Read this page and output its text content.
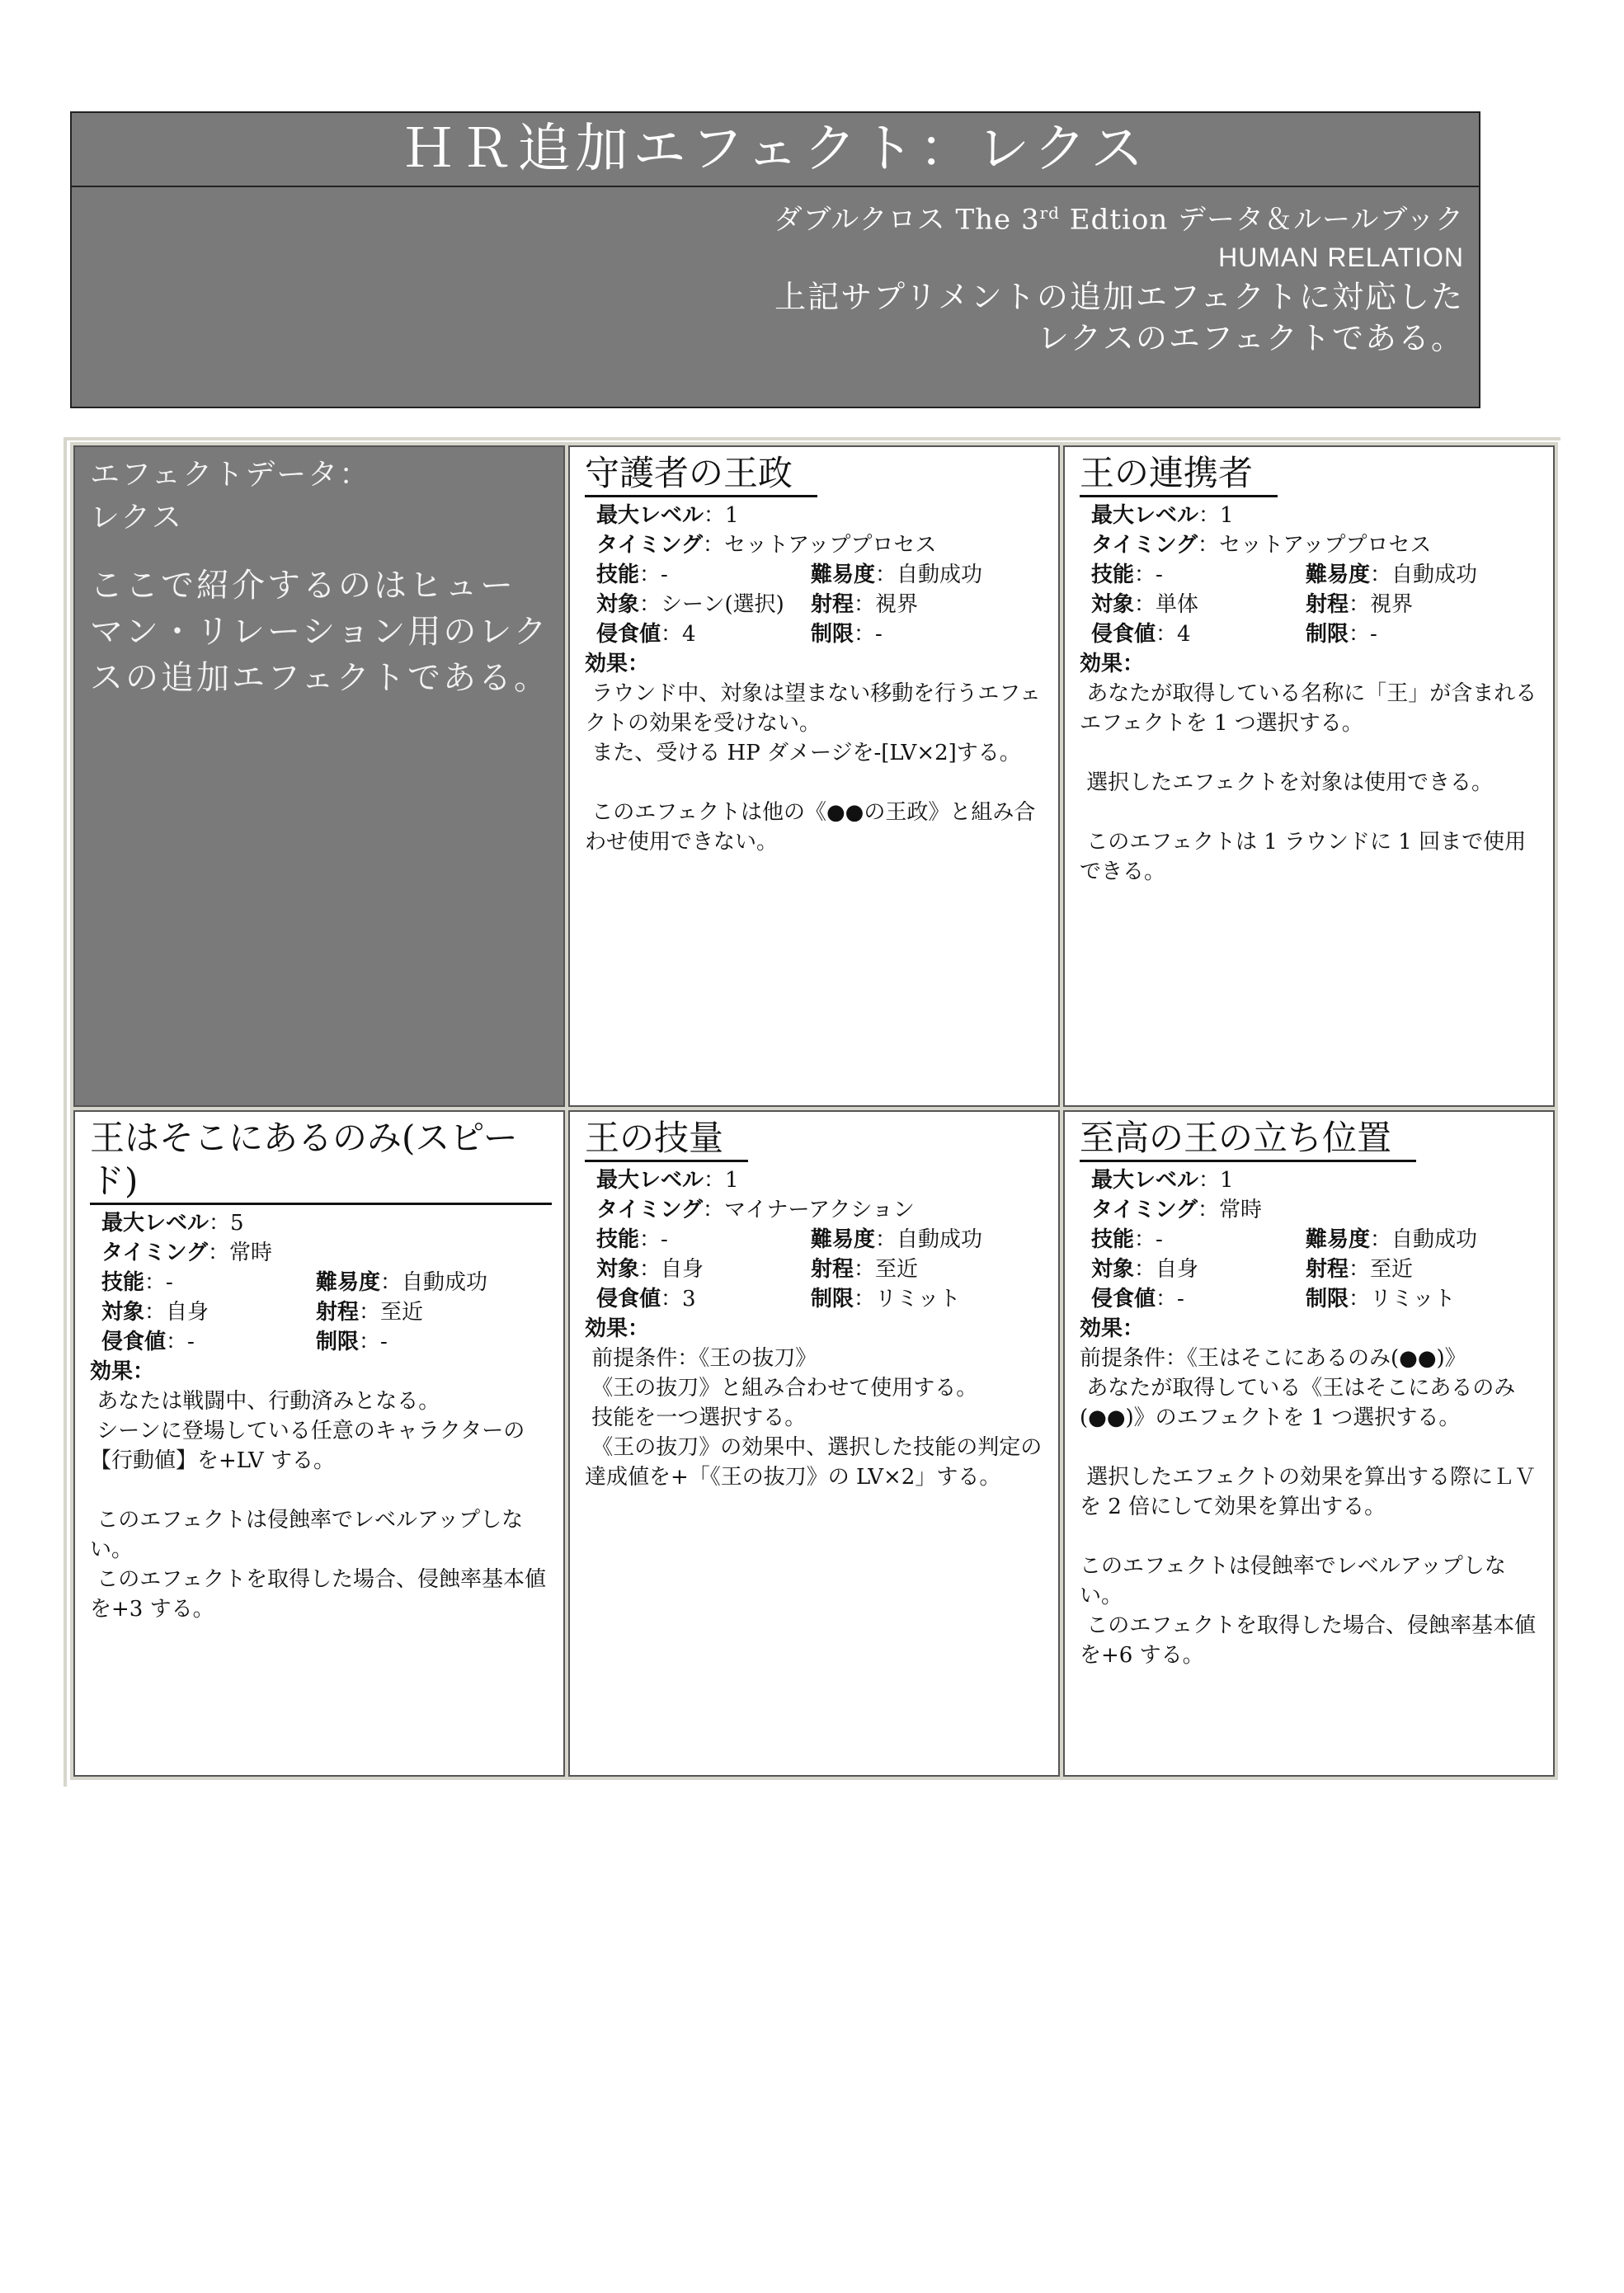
ＨＲ追加エフェクト：レクス
ダブルクロス The 3rd Edtion データ＆ルールブック
HUMAN RELATION
上記サプリメントの追加エフェクトに対応した
レクスのエフェクトである。
エフェクトデータ：
レクス
ここで紹介するのはヒューマン・リレーション用のレクスの追加エフェクトである。
守護者の王政
最大レベル：1
タイミング：セットアッププロセス
技能：-	難易度：自動成功
対象：シーン(選択) 射程：視界
侵食値：4	制限：-
効果：
ラウンド中、対象は望まない移動を行うエフェクトの効果を受けない。
また、受ける HP ダメージを-[LV×2]する。

このエフェクトは他の《●●の王政》と組み合わせ使用できない。
王の連携者
最大レベル：1
タイミング：セットアッププロセス
技能：-	難易度：自動成功
対象：単体	射程：視界
侵食値：4	制限：-
効果：
あなたが取得している名称に「王」が含まれるエフェクトを 1 つ選択する。

選択したエフェクトを対象は使用できる。

このエフェクトは 1 ラウンドに 1 回まで使用できる。
王はそこにあるのみ(スピード)
最大レベル：5
タイミング：常時
技能：-	難易度：自動成功
対象：自身	射程：至近
侵食値：-	制限：-
効果：
あなたは戦闘中、行動済みとなる。
シーンに登場している任意のキャラクターの【行動値】を+LV する。

このエフェクトは侵蝕率でレベルアップしない。
このエフェクトを取得した場合、侵蝕率基本値を+3 する。
王の技量
最大レベル：1
タイミング：マイナーアクション
技能：-	難易度：自動成功
対象：自身	射程：至近
侵食値：3	制限：リミット
効果：
前提条件：《王の抜刀》
《王の抜刀》と組み合わせて使用する。
技能を一つ選択する。
《王の抜刀》の効果中、選択した技能の判定の達成値を+「《王の抜刀》の LV×2」する。
至高の王の立ち位置
最大レベル：1
タイミング：常時
技能：-	難易度：自動成功
対象：自身	射程：至近
侵食値：-	制限：リミット
効果：
前提条件：《王はそこにあるのみ(●●)》
あなたが取得している《王はそこにあるのみ(●●)》のエフェクトを 1 つ選択する。

選択したエフェクトの効果を算出する際にＬＶを 2 倍にして効果を算出する。

このエフェクトは侵蝕率でレベルアップしない。
このエフェクトを取得した場合、侵蝕率基本値を+6 する。
